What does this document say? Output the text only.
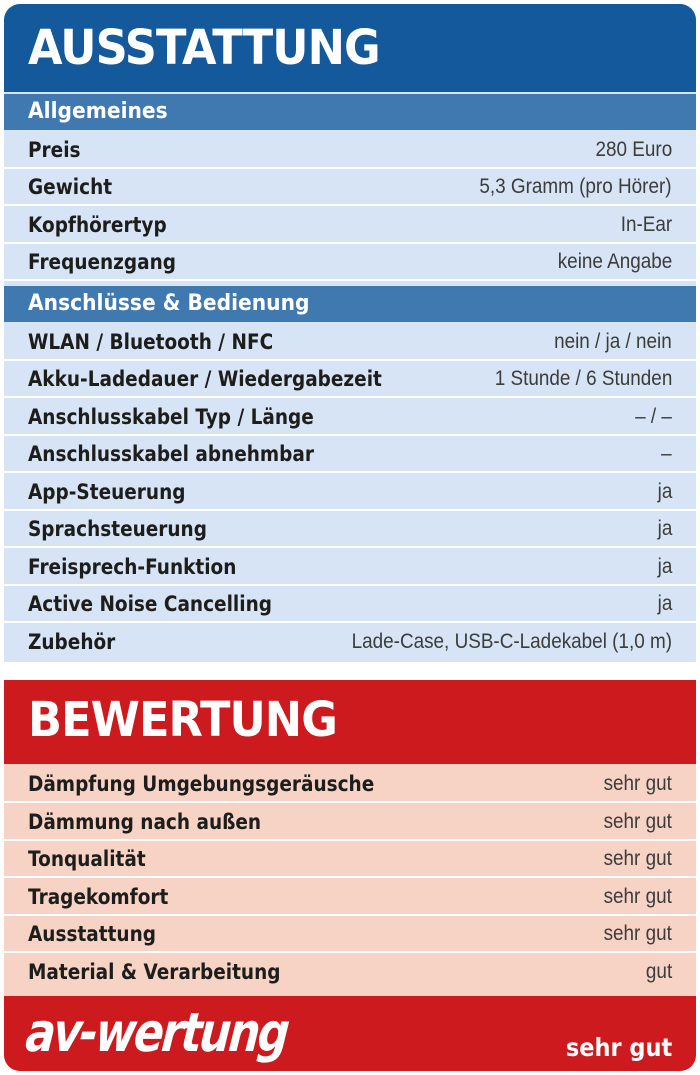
AUSSTATTUNG
Allgemeines
Preis	280 Euro
Gewicht	5,3 Gramm (pro Hörer)
Kopfhörertyp	In-Ear
Frequenzgang	keine Angabe
Anschlüsse & Bedienung
WLAN / Bluetooth / NFC	nein / ja / nein
Akku-Ladedauer / Wiedergabezeit	1 Stunde / 6 Stunden
Anschlusskabel Typ / Länge	– / –
Anschlusskabel abnehmbar	–
App-Steuerung	ja
Sprachsteuerung	ja
Freisprech-Funktion	ja
Active Noise Cancelling	ja
Zubehör	Lade-Case, USB-C-Ladekabel (1,0 m)
BEWERTUNG
Dämpfung Umgebungsgeräusche	sehr gut
Dämmung nach außen	sehr gut
Tonqualität	sehr gut
Tragekomfort	sehr gut
Ausstattung	sehr gut
Material & Verarbeitung	gut
av-wertung	sehr gut
